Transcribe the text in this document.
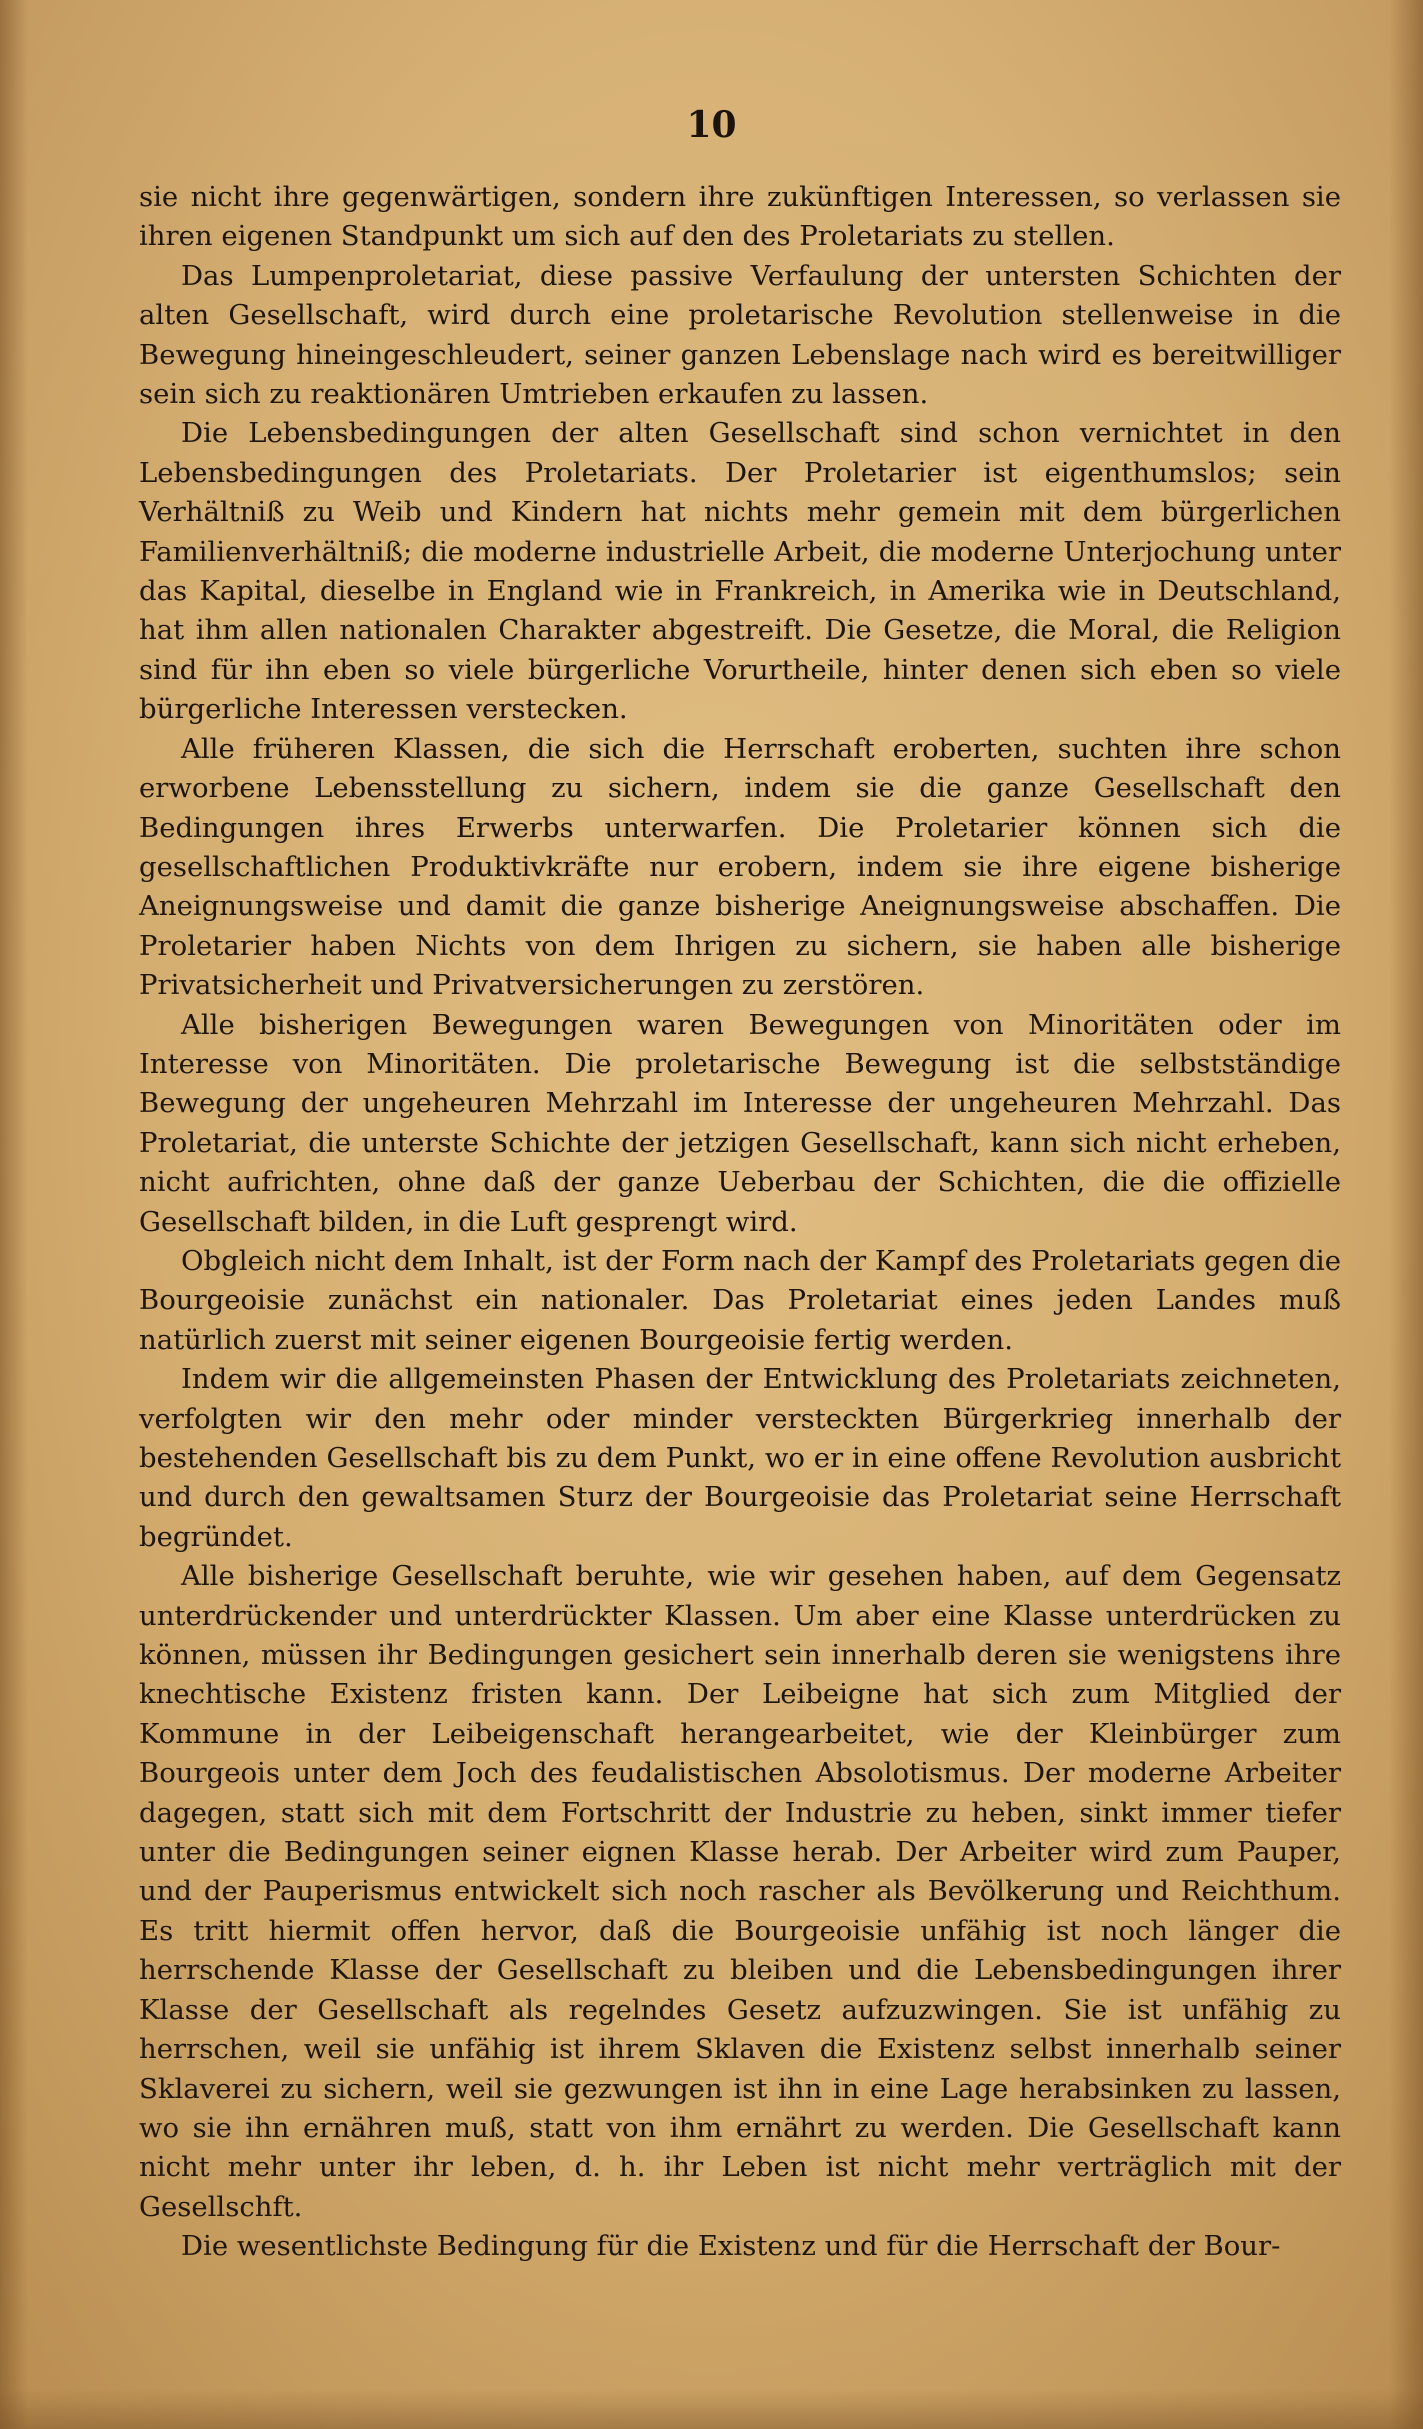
10

sie nicht ihre gegenwärtigen, sondern ihre zukünftigen Interessen, so verlassen sie ihren eigenen Standpunkt um sich auf den des Proletariats zu stellen.

Das Lumpenproletariat, diese passive Verfaulung der untersten Schichten der alten Gesellschaft, wird durch eine proletarische Revolution stellenweise in die Bewegung hineingeschleudert, seiner ganzen Lebenslage nach wird es bereitwilliger sein sich zu reaktionären Umtrieben erkaufen zu lassen.

Die Lebensbedingungen der alten Gesellschaft sind schon vernichtet in den Lebensbedingungen des Proletariats. Der Proletarier ist eigenthumslos; sein Verhältniß zu Weib und Kindern hat nichts mehr gemein mit dem bürgerlichen Familienverhältniß; die moderne industrielle Arbeit, die moderne Unterjochung unter das Kapital, dieselbe in England wie in Frankreich, in Amerika wie in Deutschland, hat ihm allen nationalen Charakter abgestreift. Die Gesetze, die Moral, die Religion sind für ihn eben so viele bürgerliche Vorurtheile, hinter denen sich eben so viele bürgerliche Interessen verstecken.

Alle früheren Klassen, die sich die Herrschaft eroberten, suchten ihre schon erworbene Lebensstellung zu sichern, indem sie die ganze Gesellschaft den Bedingungen ihres Erwerbs unterwarfen. Die Proletarier können sich die gesellschaftlichen Produktivkräfte nur erobern, indem sie ihre eigene bisherige Aneignungsweise und damit die ganze bisherige Aneignungsweise abschaffen. Die Proletarier haben Nichts von dem Ihrigen zu sichern, sie haben alle bisherige Privatsicherheit und Privatversicherungen zu zerstören.

Alle bisherigen Bewegungen waren Bewegungen von Minoritäten oder im Interesse von Minoritäten. Die proletarische Bewegung ist die selbstständige Bewegung der ungeheuren Mehrzahl im Interesse der ungeheuren Mehrzahl. Das Proletariat, die unterste Schichte der jetzigen Gesellschaft, kann sich nicht erheben, nicht aufrichten, ohne daß der ganze Ueberbau der Schichten, die die offizielle Gesellschaft bilden, in die Luft gesprengt wird.

Obgleich nicht dem Inhalt, ist der Form nach der Kampf des Proletariats gegen die Bourgeoisie zunächst ein nationaler. Das Proletariat eines jeden Landes muß natürlich zuerst mit seiner eigenen Bourgeoisie fertig werden.

Indem wir die allgemeinsten Phasen der Entwicklung des Proletariats zeichneten, verfolgten wir den mehr oder minder versteckten Bürgerkrieg innerhalb der bestehenden Gesellschaft bis zu dem Punkt, wo er in eine offene Revolution ausbricht und durch den gewaltsamen Sturz der Bourgeoisie das Proletariat seine Herrschaft begründet.

Alle bisherige Gesellschaft beruhte, wie wir gesehen haben, auf dem Gegensatz unterdrückender und unterdrückter Klassen. Um aber eine Klasse unterdrücken zu können, müssen ihr Bedingungen gesichert sein innerhalb deren sie wenigstens ihre knechtische Existenz fristen kann. Der Leibeigne hat sich zum Mitglied der Kommune in der Leibeigenschaft herangearbeitet, wie der Kleinbürger zum Bourgeois unter dem Joch des feudalistischen Absolotismus. Der moderne Arbeiter dagegen, statt sich mit dem Fortschritt der Industrie zu heben, sinkt immer tiefer unter die Bedingungen seiner eignen Klasse herab. Der Arbeiter wird zum Pauper, und der Pauperismus entwickelt sich noch rascher als Bevölkerung und Reichthum. Es tritt hiermit offen hervor, daß die Bourgeoisie unfähig ist noch länger die herrschende Klasse der Gesellschaft zu bleiben und die Lebensbedingungen ihrer Klasse der Gesellschaft als regelndes Gesetz aufzuzwingen. Sie ist unfähig zu herrschen, weil sie unfähig ist ihrem Sklaven die Existenz selbst innerhalb seiner Sklaverei zu sichern, weil sie gezwungen ist ihn in eine Lage herabsinken zu lassen, wo sie ihn ernähren muß, statt von ihm ernährt zu werden. Die Gesellschaft kann nicht mehr unter ihr leben, d. h. ihr Leben ist nicht mehr verträglich mit der Gesellschft.

Die wesentlichste Bedingung für die Existenz und für die Herrschaft der Bour-
